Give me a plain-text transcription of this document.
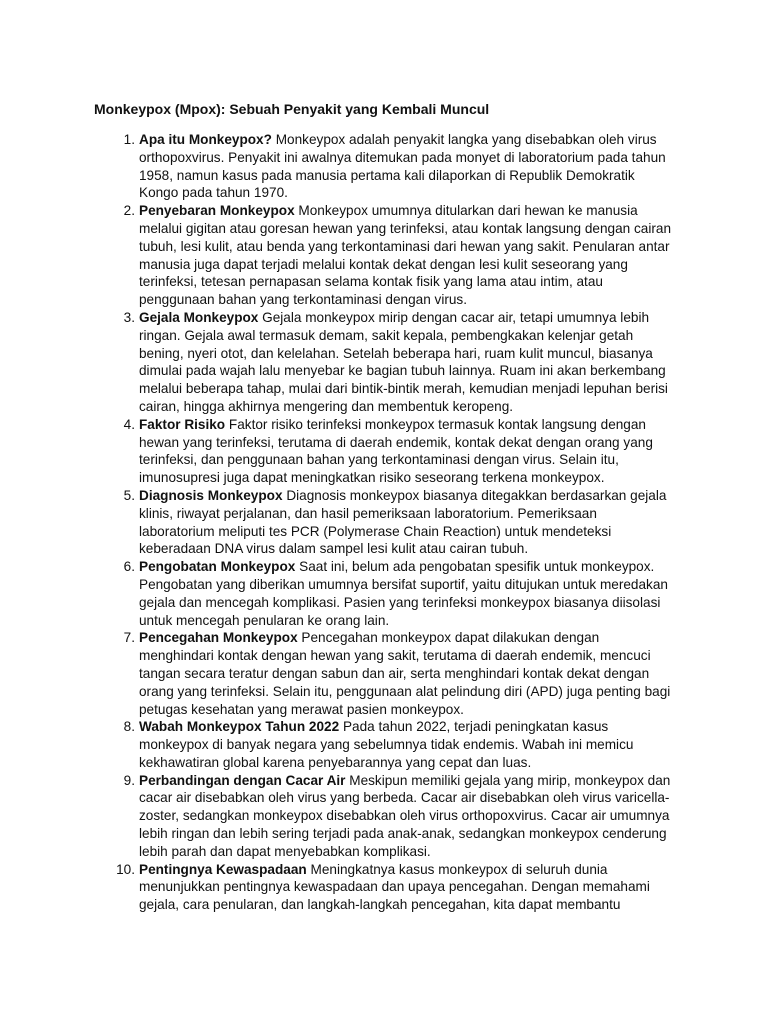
Monkeypox (Mpox): Sebuah Penyakit yang Kembali Muncul
1. Apa itu Monkeypox? Monkeypox adalah penyakit langka yang disebabkan oleh virus orthopoxvirus. Penyakit ini awalnya ditemukan pada monyet di laboratorium pada tahun 1958, namun kasus pada manusia pertama kali dilaporkan di Republik Demokratik Kongo pada tahun 1970.
2. Penyebaran Monkeypox Monkeypox umumnya ditularkan dari hewan ke manusia melalui gigitan atau goresan hewan yang terinfeksi, atau kontak langsung dengan cairan tubuh, lesi kulit, atau benda yang terkontaminasi dari hewan yang sakit. Penularan antar manusia juga dapat terjadi melalui kontak dekat dengan lesi kulit seseorang yang terinfeksi, tetesan pernapasan selama kontak fisik yang lama atau intim, atau penggunaan bahan yang terkontaminasi dengan virus.
3. Gejala Monkeypox Gejala monkeypox mirip dengan cacar air, tetapi umumnya lebih ringan. Gejala awal termasuk demam, sakit kepala, pembengkakan kelenjar getah bening, nyeri otot, dan kelelahan. Setelah beberapa hari, ruam kulit muncul, biasanya dimulai pada wajah lalu menyebar ke bagian tubuh lainnya. Ruam ini akan berkembang melalui beberapa tahap, mulai dari bintik-bintik merah, kemudian menjadi lepuhan berisi cairan, hingga akhirnya mengering dan membentuk keropeng.
4. Faktor Risiko Faktor risiko terinfeksi monkeypox termasuk kontak langsung dengan hewan yang terinfeksi, terutama di daerah endemik, kontak dekat dengan orang yang terinfeksi, dan penggunaan bahan yang terkontaminasi dengan virus. Selain itu, imunosupresi juga dapat meningkatkan risiko seseorang terkena monkeypox.
5. Diagnosis Monkeypox Diagnosis monkeypox biasanya ditegakkan berdasarkan gejala klinis, riwayat perjalanan, dan hasil pemeriksaan laboratorium. Pemeriksaan laboratorium meliputi tes PCR (Polymerase Chain Reaction) untuk mendeteksi keberadaan DNA virus dalam sampel lesi kulit atau cairan tubuh.
6. Pengobatan Monkeypox Saat ini, belum ada pengobatan spesifik untuk monkeypox. Pengobatan yang diberikan umumnya bersifat suportif, yaitu ditujukan untuk meredakan gejala dan mencegah komplikasi. Pasien yang terinfeksi monkeypox biasanya diisolasi untuk mencegah penularan ke orang lain.
7. Pencegahan Monkeypox Pencegahan monkeypox dapat dilakukan dengan menghindari kontak dengan hewan yang sakit, terutama di daerah endemik, mencuci tangan secara teratur dengan sabun dan air, serta menghindari kontak dekat dengan orang yang terinfeksi. Selain itu, penggunaan alat pelindung diri (APD) juga penting bagi petugas kesehatan yang merawat pasien monkeypox.
8. Wabah Monkeypox Tahun 2022 Pada tahun 2022, terjadi peningkatan kasus monkeypox di banyak negara yang sebelumnya tidak endemis. Wabah ini memicu kekhawatiran global karena penyebarannya yang cepat dan luas.
9. Perbandingan dengan Cacar Air Meskipun memiliki gejala yang mirip, monkeypox dan cacar air disebabkan oleh virus yang berbeda. Cacar air disebabkan oleh virus varicella-zoster, sedangkan monkeypox disebabkan oleh virus orthopoxvirus. Cacar air umumnya lebih ringan dan lebih sering terjadi pada anak-anak, sedangkan monkeypox cenderung lebih parah dan dapat menyebabkan komplikasi.
10. Pentingnya Kewaspadaan Meningkatnya kasus monkeypox di seluruh dunia menunjukkan pentingnya kewaspadaan dan upaya pencegahan. Dengan memahami gejala, cara penularan, dan langkah-langkah pencegahan, kita dapat membantu
